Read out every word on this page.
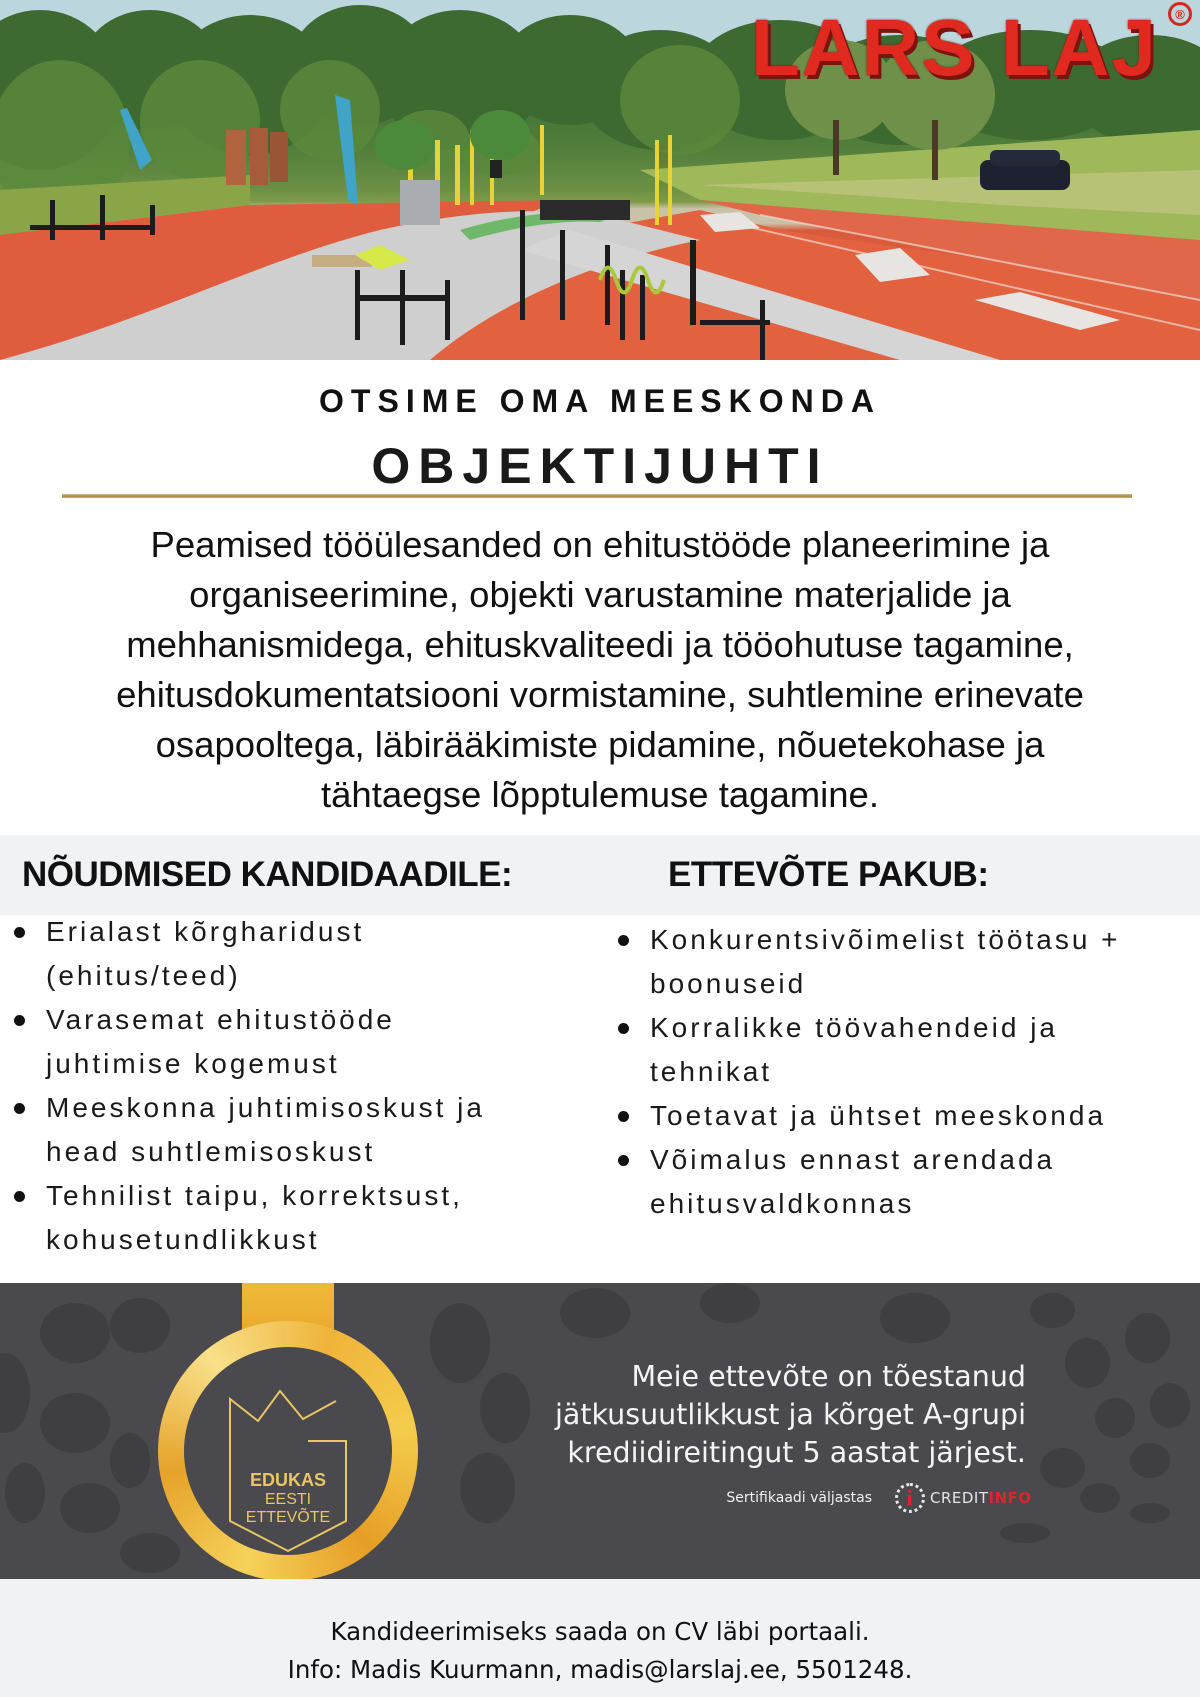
LARS LAJ	®
OTSIME OMA MEESKONDA
OBJEKTIJUHTI
Peamised tööülesanded on ehitustööde planeerimine ja
organiseerimine, objekti varustamine materjalide ja
mehhanismidega, ehituskvaliteedi ja tööohutuse tagamine,
ehitusdokumentatsiooni vormistamine, suhtlemine erinevate
osapooltega, läbirääkimiste pidamine, nõuetekohase ja
tähtaegse lõpptulemuse tagamine.
NÕUDMISED KANDIDAADILE:	ETTEVÕTE PAKUB:
Erialast kõrgharidust
(ehitus/teed)
Varasemat ehitustööde
juhtimise kogemust
Meeskonna juhtimisoskust ja
head suhtlemisoskust
Tehnilist taipu, korrektsust,
kohusetundlikkust
Konkurentsivõimelist töötasu +
boonuseid
Korralikke töövahendeid ja
tehnikat
Toetavat ja ühtset meeskonda
Võimalus ennast arendada
ehitusvaldkonnas
EDUKAS
EESTI
ETTEVÕTE
Meie ettevõte on tõestanud
jätkusuutlikkust ja kõrget A-grupi
krediidireitingut 5 aastat järjest.
Sertifikaadi väljastas i CREDITINFO
Kandideerimiseks saada on CV läbi portaali.
Info: Madis Kuurmann, madis@larslaj.ee, 5501248.
